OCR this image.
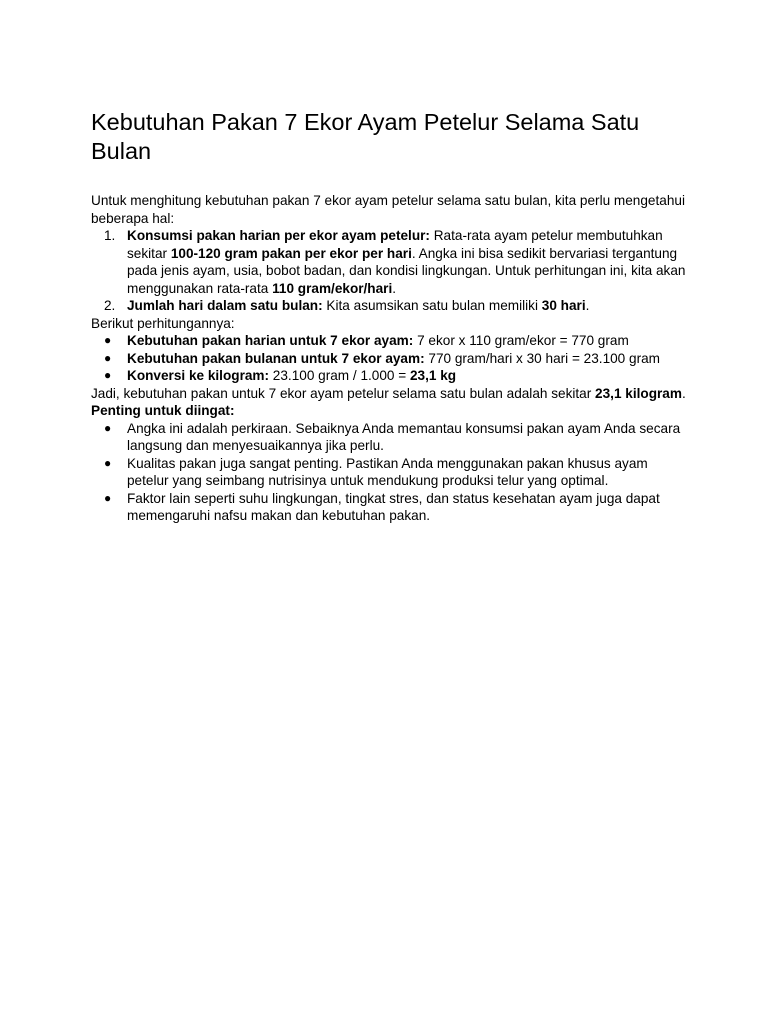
Kebutuhan Pakan 7 Ekor Ayam Petelur Selama Satu Bulan

Untuk menghitung kebutuhan pakan 7 ekor ayam petelur selama satu bulan, kita perlu mengetahui beberapa hal:

1. Konsumsi pakan harian per ekor ayam petelur: Rata-rata ayam petelur membutuhkan sekitar 100-120 gram pakan per ekor per hari. Angka ini bisa sedikit bervariasi tergantung pada jenis ayam, usia, bobot badan, dan kondisi lingkungan. Untuk perhitungan ini, kita akan menggunakan rata-rata 110 gram/ekor/hari.
2. Jumlah hari dalam satu bulan: Kita asumsikan satu bulan memiliki 30 hari.

Berikut perhitungannya:

● Kebutuhan pakan harian untuk 7 ekor ayam: 7 ekor x 110 gram/ekor = 770 gram
● Kebutuhan pakan bulanan untuk 7 ekor ayam: 770 gram/hari x 30 hari = 23.100 gram
● Konversi ke kilogram: 23.100 gram / 1.000 = 23,1 kg

Jadi, kebutuhan pakan untuk 7 ekor ayam petelur selama satu bulan adalah sekitar 23,1 kilogram.

Penting untuk diingat:

● Angka ini adalah perkiraan. Sebaiknya Anda memantau konsumsi pakan ayam Anda secara langsung dan menyesuaikannya jika perlu.
● Kualitas pakan juga sangat penting. Pastikan Anda menggunakan pakan khusus ayam petelur yang seimbang nutrisinya untuk mendukung produksi telur yang optimal.
● Faktor lain seperti suhu lingkungan, tingkat stres, dan status kesehatan ayam juga dapat memengaruhi nafsu makan dan kebutuhan pakan.
